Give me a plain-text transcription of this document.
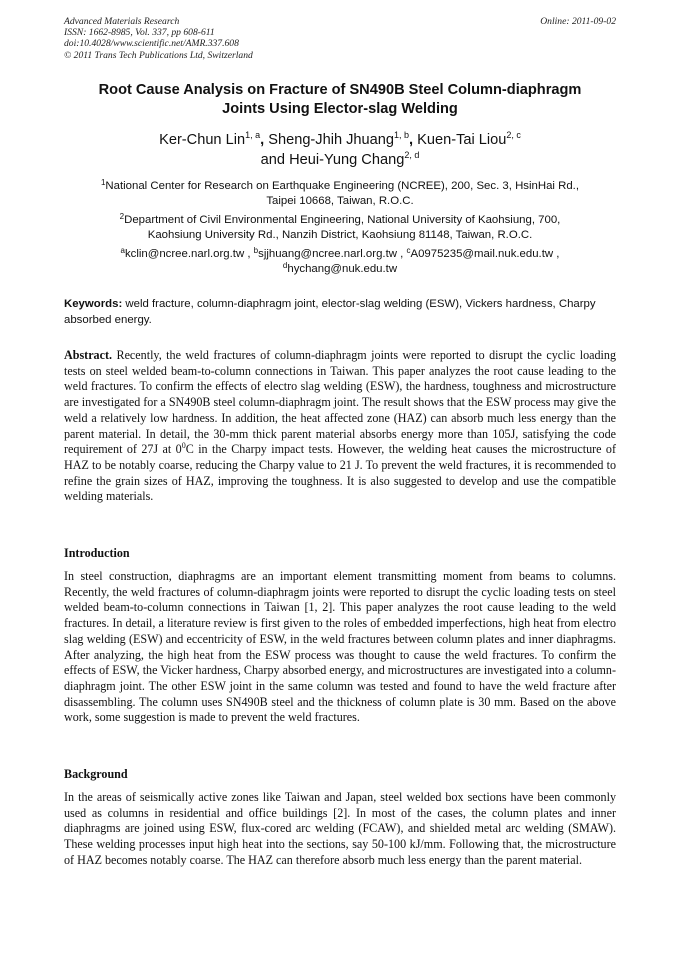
Advanced Materials Research
ISSN: 1662-8985, Vol. 337, pp 608-611
doi:10.4028/www.scientific.net/AMR.337.608
© 2011 Trans Tech Publications Ltd, Switzerland
Online: 2011-09-02
Root Cause Analysis on Fracture of SN490B Steel Column-diaphragm
Joints Using Elector-slag Welding
Ker-Chun Lin$^{1, a}$, Sheng-Jhih Jhuang$^{1, b}$, Kuen-Tai Liou$^{2, c}$
and Heui-Yung Chang$^{2, d}$
$^1$National Center for Research on Earthquake Engineering (NCREE), 200, Sec. 3, HsinHai Rd.,
Taipei 10668, Taiwan, R.O.C.
$^2$Department of Civil Environmental Engineering, National University of Kaohsiung, 700,
Kaohsiung University Rd., Nanzih District, Kaohsiung 81148, Taiwan, R.O.C.
$^a$kclin@ncree.narl.org.tw , $^b$sjjhuang@ncree.narl.org.tw , $^c$A0975235@mail.nuk.edu.tw ,
$^d$hychang@nuk.edu.tw
Keywords: weld fracture, column-diaphragm joint, elector-slag welding (ESW), Vickers hardness, Charpy absorbed energy.
Abstract. Recently, the weld fractures of column-diaphragm joints were reported to disrupt the cyclic loading tests on steel welded beam-to-column connections in Taiwan. This paper analyzes the root cause leading to the weld fractures. To confirm the effects of electro slag welding (ESW), the hardness, toughness and microstructure are investigated for a SN490B steel column-diaphragm joint. The result shows that the ESW process may give the weld a relatively low hardness. In addition, the heat affected zone (HAZ) can absorb much less energy than the parent material. In detail, the 30-mm thick parent material absorbs energy more than 105J, satisfying the code requirement of 27J at $0^0C$ in the Charpy impact tests. However, the welding heat causes the microstructure of HAZ to be notably coarse, reducing the Charpy value to 21 J. To prevent the weld fractures, it is recommended to refine the grain sizes of HAZ, improving the toughness. It is also suggested to develop and use the compatible welding materials.
Introduction
In steel construction, diaphragms are an important element transmitting moment from beams to columns. Recently, the weld fractures of column-diaphragm joints were reported to disrupt the cyclic loading tests on steel welded beam-to-column connections in Taiwan [1, 2]. This paper analyzes the root cause leading to the weld fractures. In detail, a literature review is first given to the roles of embedded imperfections, high heat from electro slag welding (ESW) and eccentricity of ESW, in the weld fractures between column plates and inner diaphragms. After analyzing, the high heat from the ESW process was thought to cause the weld fractures. To confirm the effects of ESW, the Vicker hardness, Charpy absorbed energy, and microstructures are investigated into a column-diaphragm joint. The other ESW joint in the same column was tested and found to have the weld fracture after disassembling. The column uses SN490B steel and the thickness of column plate is 30 mm. Based on the above work, some suggestion is made to prevent the weld fractures.
Background
In the areas of seismically active zones like Taiwan and Japan, steel welded box sections have been commonly used as columns in residential and office buildings [2]. In most of the cases, the column plates and inner diaphragms are joined using ESW, flux-cored arc welding (FCAW), and shielded metal arc welding (SMAW). These welding processes input high heat into the sections, say 50-100 kJ/mm. Following that, the microstructure of HAZ becomes notably coarse. The HAZ can therefore absorb much less energy than the parent material.
